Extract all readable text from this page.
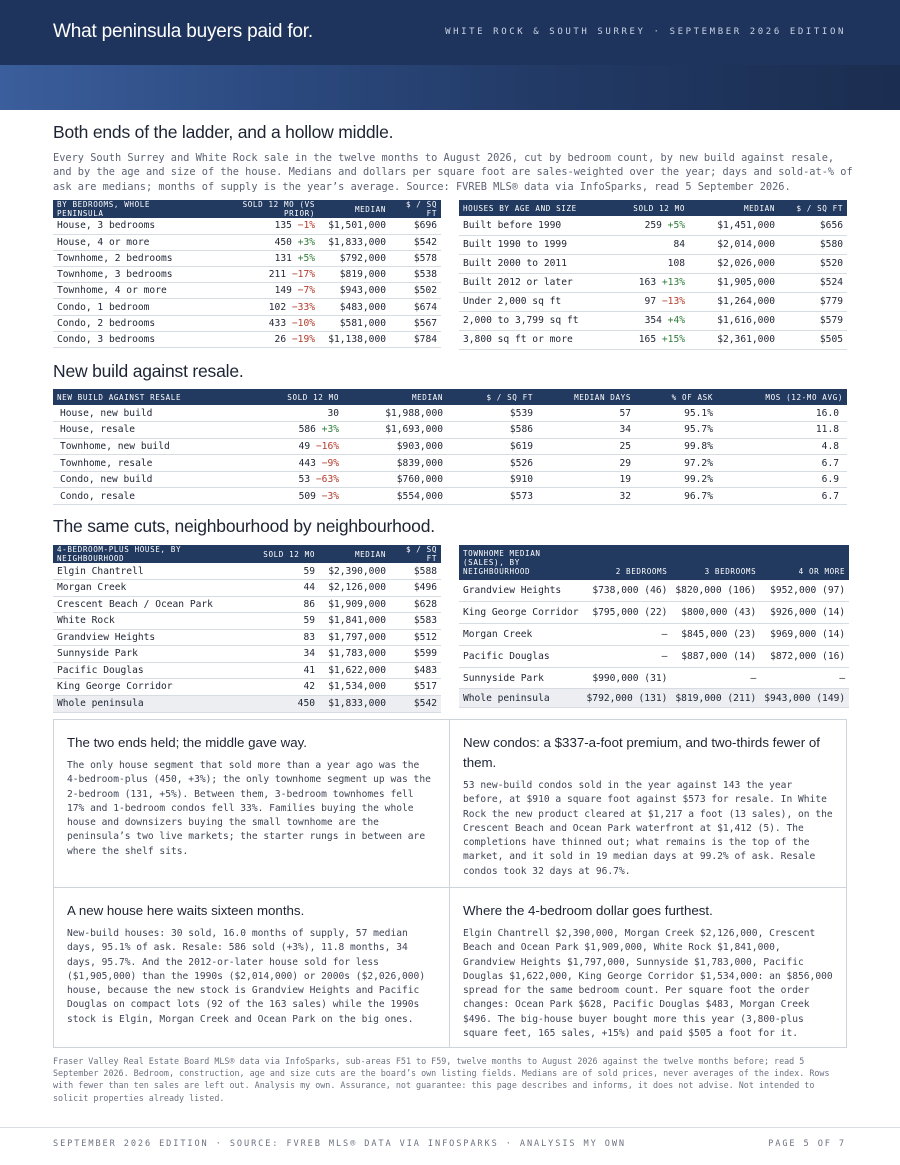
What peninsula buyers paid for.	WHITE ROCK & SOUTH SURREY · SEPTEMBER 2026 EDITION
Both ends of the ladder, and a hollow middle.
Every South Surrey and White Rock sale in the twelve months to August 2026, cut by bedroom count, by new build against resale, and by the age and size of the house. Medians and dollars per square foot are sales-weighted over the year; days and sold-at-% of ask are medians; months of supply is the year’s average. Source: FVREB MLS® data via InfoSparks, read 5 September 2026.
BY BEDROOMS, WHOLE PENINSULA	SOLD 12 MO (VS PRIOR)	MEDIAN	$ / SQ FT
House, 3 bedrooms	135 −1%	$1,501,000	$696
House, 4 or more	450 +3%	$1,833,000	$542
Townhome, 2 bedrooms	131 +5%	$792,000	$578
Townhome, 3 bedrooms	211 −17%	$819,000	$538
Townhome, 4 or more	149 −7%	$943,000	$502
Condo, 1 bedroom	102 −33%	$483,000	$674
Condo, 2 bedrooms	433 −10%	$581,000	$567
Condo, 3 bedrooms	26 −19%	$1,138,000	$784
HOUSES BY AGE AND SIZE	SOLD 12 MO	MEDIAN	$ / SQ FT
Built before 1990	259 +5%	$1,451,000	$656
Built 1990 to 1999	84	$2,014,000	$580
Built 2000 to 2011	108	$2,026,000	$520
Built 2012 or later	163 +13%	$1,905,000	$524
Under 2,000 sq ft	97 −13%	$1,264,000	$779
2,000 to 3,799 sq ft	354 +4%	$1,616,000	$579
3,800 sq ft or more	165 +15%	$2,361,000	$505
New build against resale.
NEW BUILD AGAINST RESALE	SOLD 12 MO	MEDIAN	$ / SQ FT	MEDIAN DAYS	% OF ASK	MOS (12-MO AVG)
House, new build	30	$1,988,000	$539	57	95.1%	16.0
House, resale	586 +3%	$1,693,000	$586	34	95.7%	11.8
Townhome, new build	49 −16%	$903,000	$619	25	99.8%	4.8
Townhome, resale	443 −9%	$839,000	$526	29	97.2%	6.7
Condo, new build	53 −63%	$760,000	$910	19	99.2%	6.9
Condo, resale	509 −3%	$554,000	$573	32	96.7%	6.7
The same cuts, neighbourhood by neighbourhood.
4-BEDROOM-PLUS HOUSE, BY NEIGHBOURHOOD	SOLD 12 MO	MEDIAN	$ / SQ FT
Elgin Chantrell	59	$2,390,000	$588
Morgan Creek	44	$2,126,000	$496
Crescent Beach / Ocean Park	86	$1,909,000	$628
White Rock	59	$1,841,000	$583
Grandview Heights	83	$1,797,000	$512
Sunnyside Park	34	$1,783,000	$599
Pacific Douglas	41	$1,622,000	$483
King George Corridor	42	$1,534,000	$517
Whole peninsula	450	$1,833,000	$542
TOWNHOME MEDIAN (SALES), BY NEIGHBOURHOOD	2 BEDROOMS	3 BEDROOMS	4 OR MORE
Grandview Heights	$738,000 (46)	$820,000 (106)	$952,000 (97)
King George Corridor	$795,000 (22)	$800,000 (43)	$926,000 (14)
Morgan Creek	—	$845,000 (23)	$969,000 (14)
Pacific Douglas	—	$887,000 (14)	$872,000 (16)
Sunnyside Park	$990,000 (31)	—	—
Whole peninsula	$792,000 (131)	$819,000 (211)	$943,000 (149)
The two ends held; the middle gave way.

The only house segment that sold more than a year ago was the 4-bedroom-plus (450, +3%); the only townhome segment up was the 2-bedroom (131, +5%). Between them, 3-bedroom townhomes fell 17% and 1-bedroom condos fell 33%. Families buying the whole house and downsizers buying the small townhome are the peninsula’s two live markets; the starter rungs in between are where the shelf sits.

New condos: a $337-a-foot premium, and two-thirds fewer of them.

53 new-build condos sold in the year against 143 the year before, at $910 a square foot against $573 for resale. In White Rock the new product cleared at $1,217 a foot (13 sales), on the Crescent Beach and Ocean Park waterfront at $1,412 (5). The completions have thinned out; what remains is the top of the market, and it sold in 19 median days at 99.2% of ask. Resale condos took 32 days at 96.7%.

A new house here waits sixteen months.

New-build houses: 30 sold, 16.0 months of supply, 57 median days, 95.1% of ask. Resale: 586 sold (+3%), 11.8 months, 34 days, 95.7%. And the 2012-or-later house sold for less ($1,905,000) than the 1990s ($2,014,000) or 2000s ($2,026,000) house, because the new stock is Grandview Heights and Pacific Douglas on compact lots (92 of the 163 sales) while the 1990s stock is Elgin, Morgan Creek and Ocean Park on the big ones.

Where the 4-bedroom dollar goes furthest.

Elgin Chantrell $2,390,000, Morgan Creek $2,126,000, Crescent Beach and Ocean Park $1,909,000, White Rock $1,841,000, Grandview Heights $1,797,000, Sunnyside $1,783,000, Pacific Douglas $1,622,000, King George Corridor $1,534,000: an $856,000 spread for the same bedroom count. Per square foot the order changes: Ocean Park $628, Pacific Douglas $483, Morgan Creek $496. The big-house buyer bought more this year (3,800-plus square feet, 165 sales, +15%) and paid $505 a foot for it.

Fraser Valley Real Estate Board MLS® data via InfoSparks, sub-areas F51 to F59, twelve months to August 2026 against the twelve months before; read 5 September 2026. Bedroom, construction, age and size cuts are the board’s own listing fields. Medians are of sold prices, never averages of the index. Rows with fewer than ten sales are left out. Analysis my own. Assurance, not guarantee: this page describes and informs, it does not advise. Not intended to solicit properties already listed.
SEPTEMBER 2026 EDITION · SOURCE: FVREB MLS® DATA VIA INFOSPARKS · ANALYSIS MY OWN	PAGE 5 OF 7
